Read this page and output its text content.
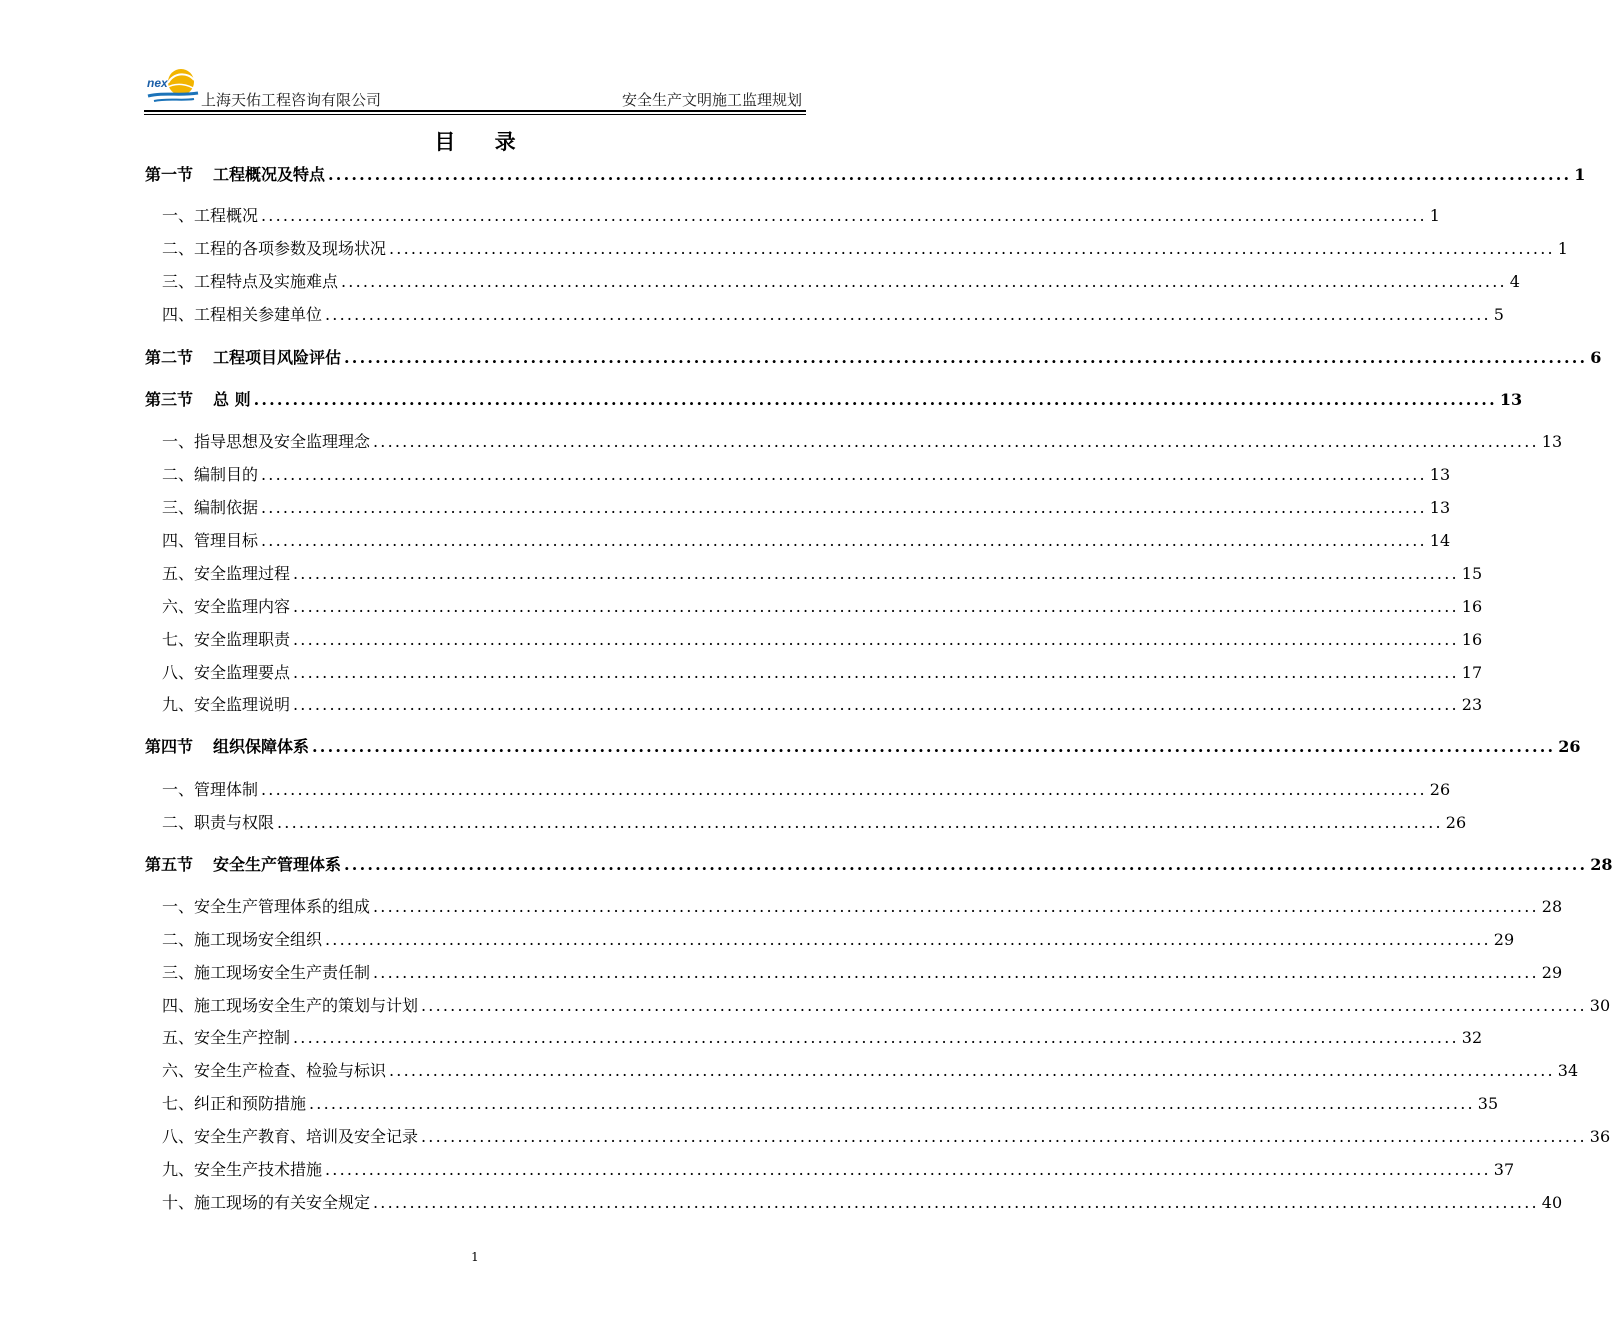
nex
上海天佑工程咨询有限公司	安全生产文明施工监理规划
目 录
第一节 工程概况及特点 ................................................................................................................................................................ 1
一、工程概况 ................................................................................................................................................................ 1
二、工程的各项参数及现场状况 ................................................................................................................................................................ 1
三、工程特点及实施难点 ................................................................................................................................................................ 4
四、工程相关参建单位 ................................................................................................................................................................ 5
第二节 工程项目风险评估 ................................................................................................................................................................ 6
第三节 总 则 ................................................................................................................................................................ 13
一、指导思想及安全监理理念 ................................................................................................................................................................ 13
二、编制目的 ................................................................................................................................................................ 13
三、编制依据 ................................................................................................................................................................ 13
四、管理目标 ................................................................................................................................................................ 14
五、安全监理过程 ................................................................................................................................................................ 15
六、安全监理内容 ................................................................................................................................................................ 16
七、安全监理职责 ................................................................................................................................................................ 16
八、安全监理要点 ................................................................................................................................................................ 17
九、安全监理说明 ................................................................................................................................................................ 23
第四节 组织保障体系 ................................................................................................................................................................ 26
一、管理体制 ................................................................................................................................................................ 26
二、职责与权限 ................................................................................................................................................................ 26
第五节 安全生产管理体系 ................................................................................................................................................................ 28
一、安全生产管理体系的组成 ................................................................................................................................................................ 28
二、施工现场安全组织 ................................................................................................................................................................ 29
三、施工现场安全生产责任制 ................................................................................................................................................................ 29
四、施工现场安全生产的策划与计划 ................................................................................................................................................................ 30
五、安全生产控制 ................................................................................................................................................................ 32
六、安全生产检查、检验与标识 ................................................................................................................................................................ 34
七、纠正和预防措施 ................................................................................................................................................................ 35
八、安全生产教育、培训及安全记录 ................................................................................................................................................................ 36
九、安全生产技术措施 ................................................................................................................................................................ 37
十、施工现场的有关安全规定 ................................................................................................................................................................ 40
1
